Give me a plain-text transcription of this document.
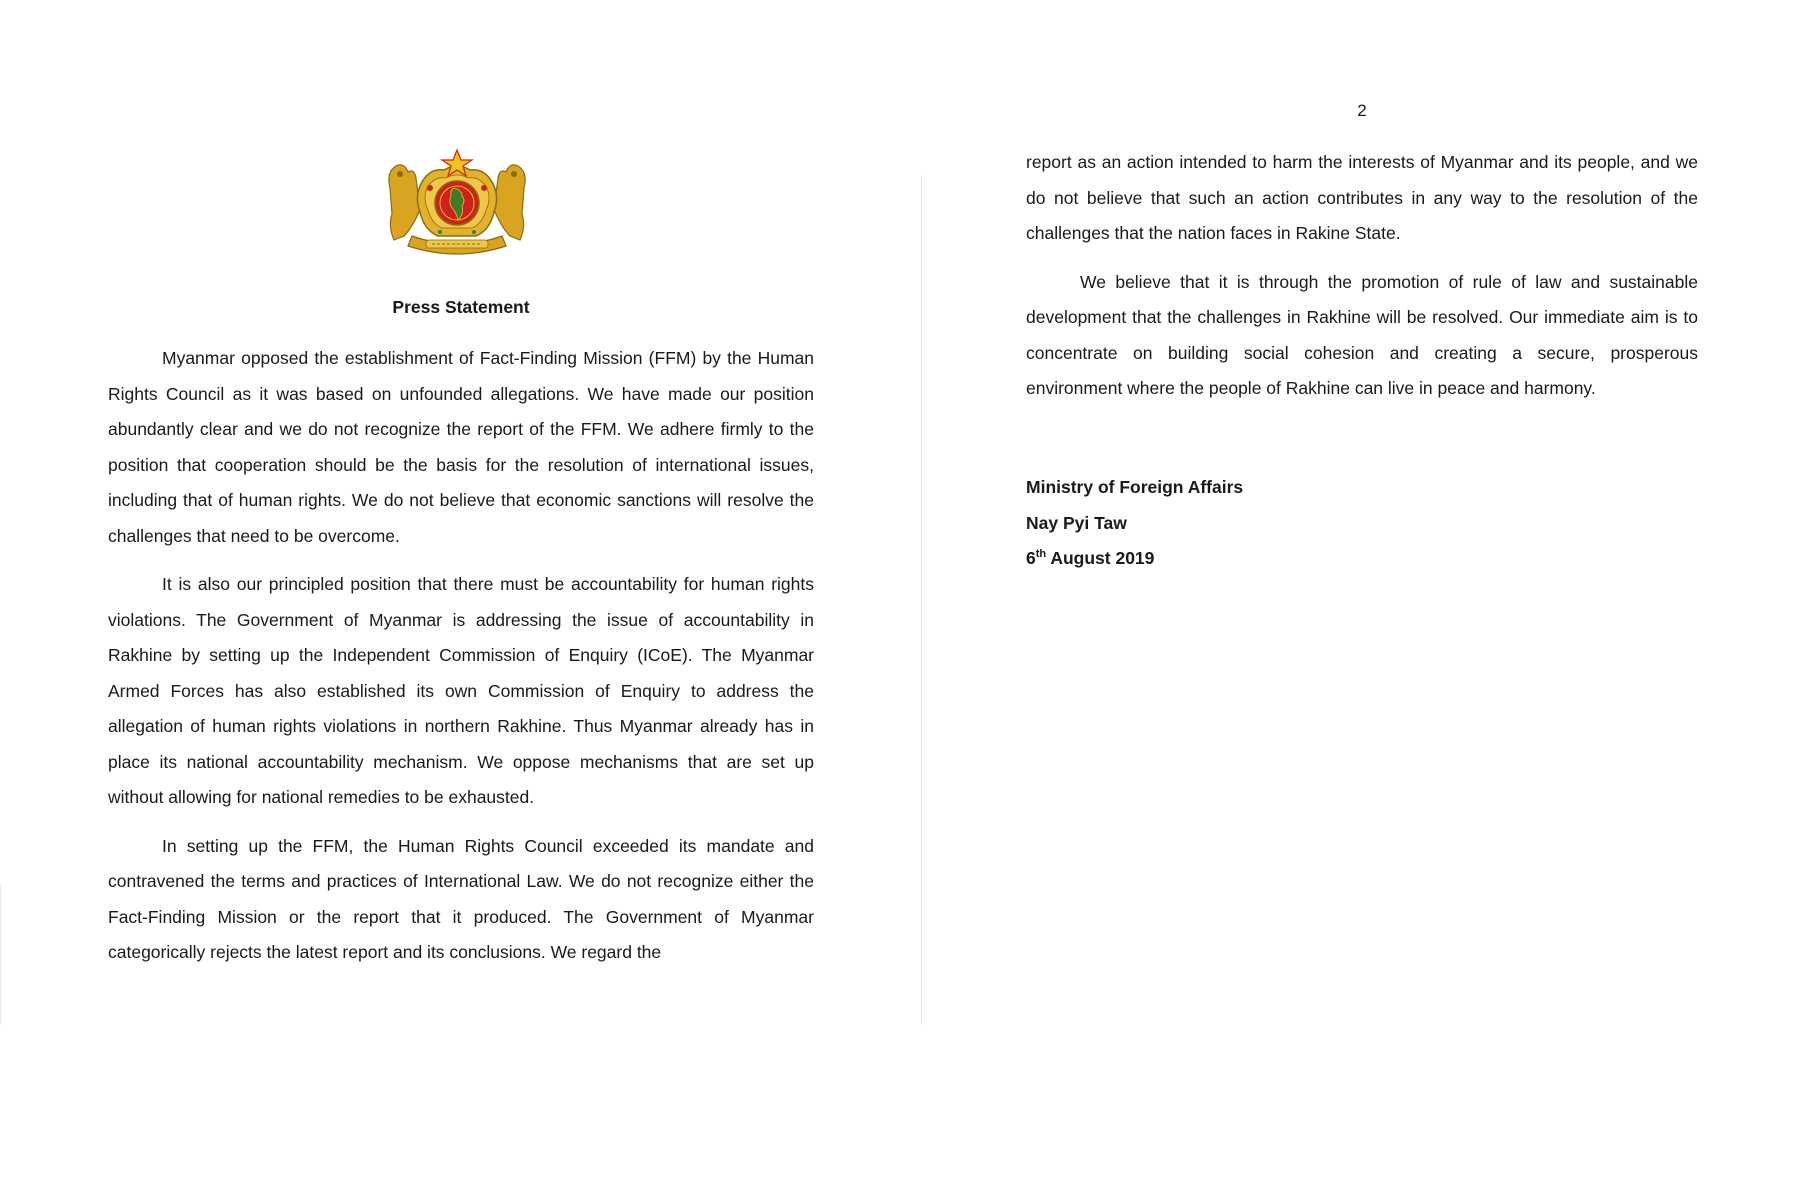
Press Statement

Myanmar opposed the establishment of Fact-Finding Mission (FFM) by the Human Rights Council as it was based on unfounded allegations. We have made our position abundantly clear and we do not recognize the report of the FFM. We adhere firmly to the position that cooperation should be the basis for the resolution of international issues, including that of human rights. We do not believe that economic sanctions will resolve the challenges that need to be overcome.

It is also our principled position that there must be accountability for human rights violations. The Government of Myanmar is addressing the issue of accountability in Rakhine by setting up the Independent Commission of Enquiry (ICoE). The Myanmar Armed Forces has also established its own Commission of Enquiry to address the allegation of human rights violations in northern Rakhine. Thus Myanmar already has in place its national accountability mechanism. We oppose mechanisms that are set up without allowing for national remedies to be exhausted.

In setting up the FFM, the Human Rights Council exceeded its mandate and contravened the terms and practices of International Law. We do not recognize either the Fact-Finding Mission or the report that it produced. The Government of Myanmar categorically rejects the latest report and its conclusions. We regard the

2

report as an action intended to harm the interests of Myanmar and its people, and we do not believe that such an action contributes in any way to the resolution of the challenges that the nation faces in Rakine State.

We believe that it is through the promotion of rule of law and sustainable development that the challenges in Rakhine will be resolved. Our immediate aim is to concentrate on building social cohesion and creating a secure, prosperous environment where the people of Rakhine can live in peace and harmony.

Ministry of Foreign Affairs
Nay Pyi Taw
6th August 2019
